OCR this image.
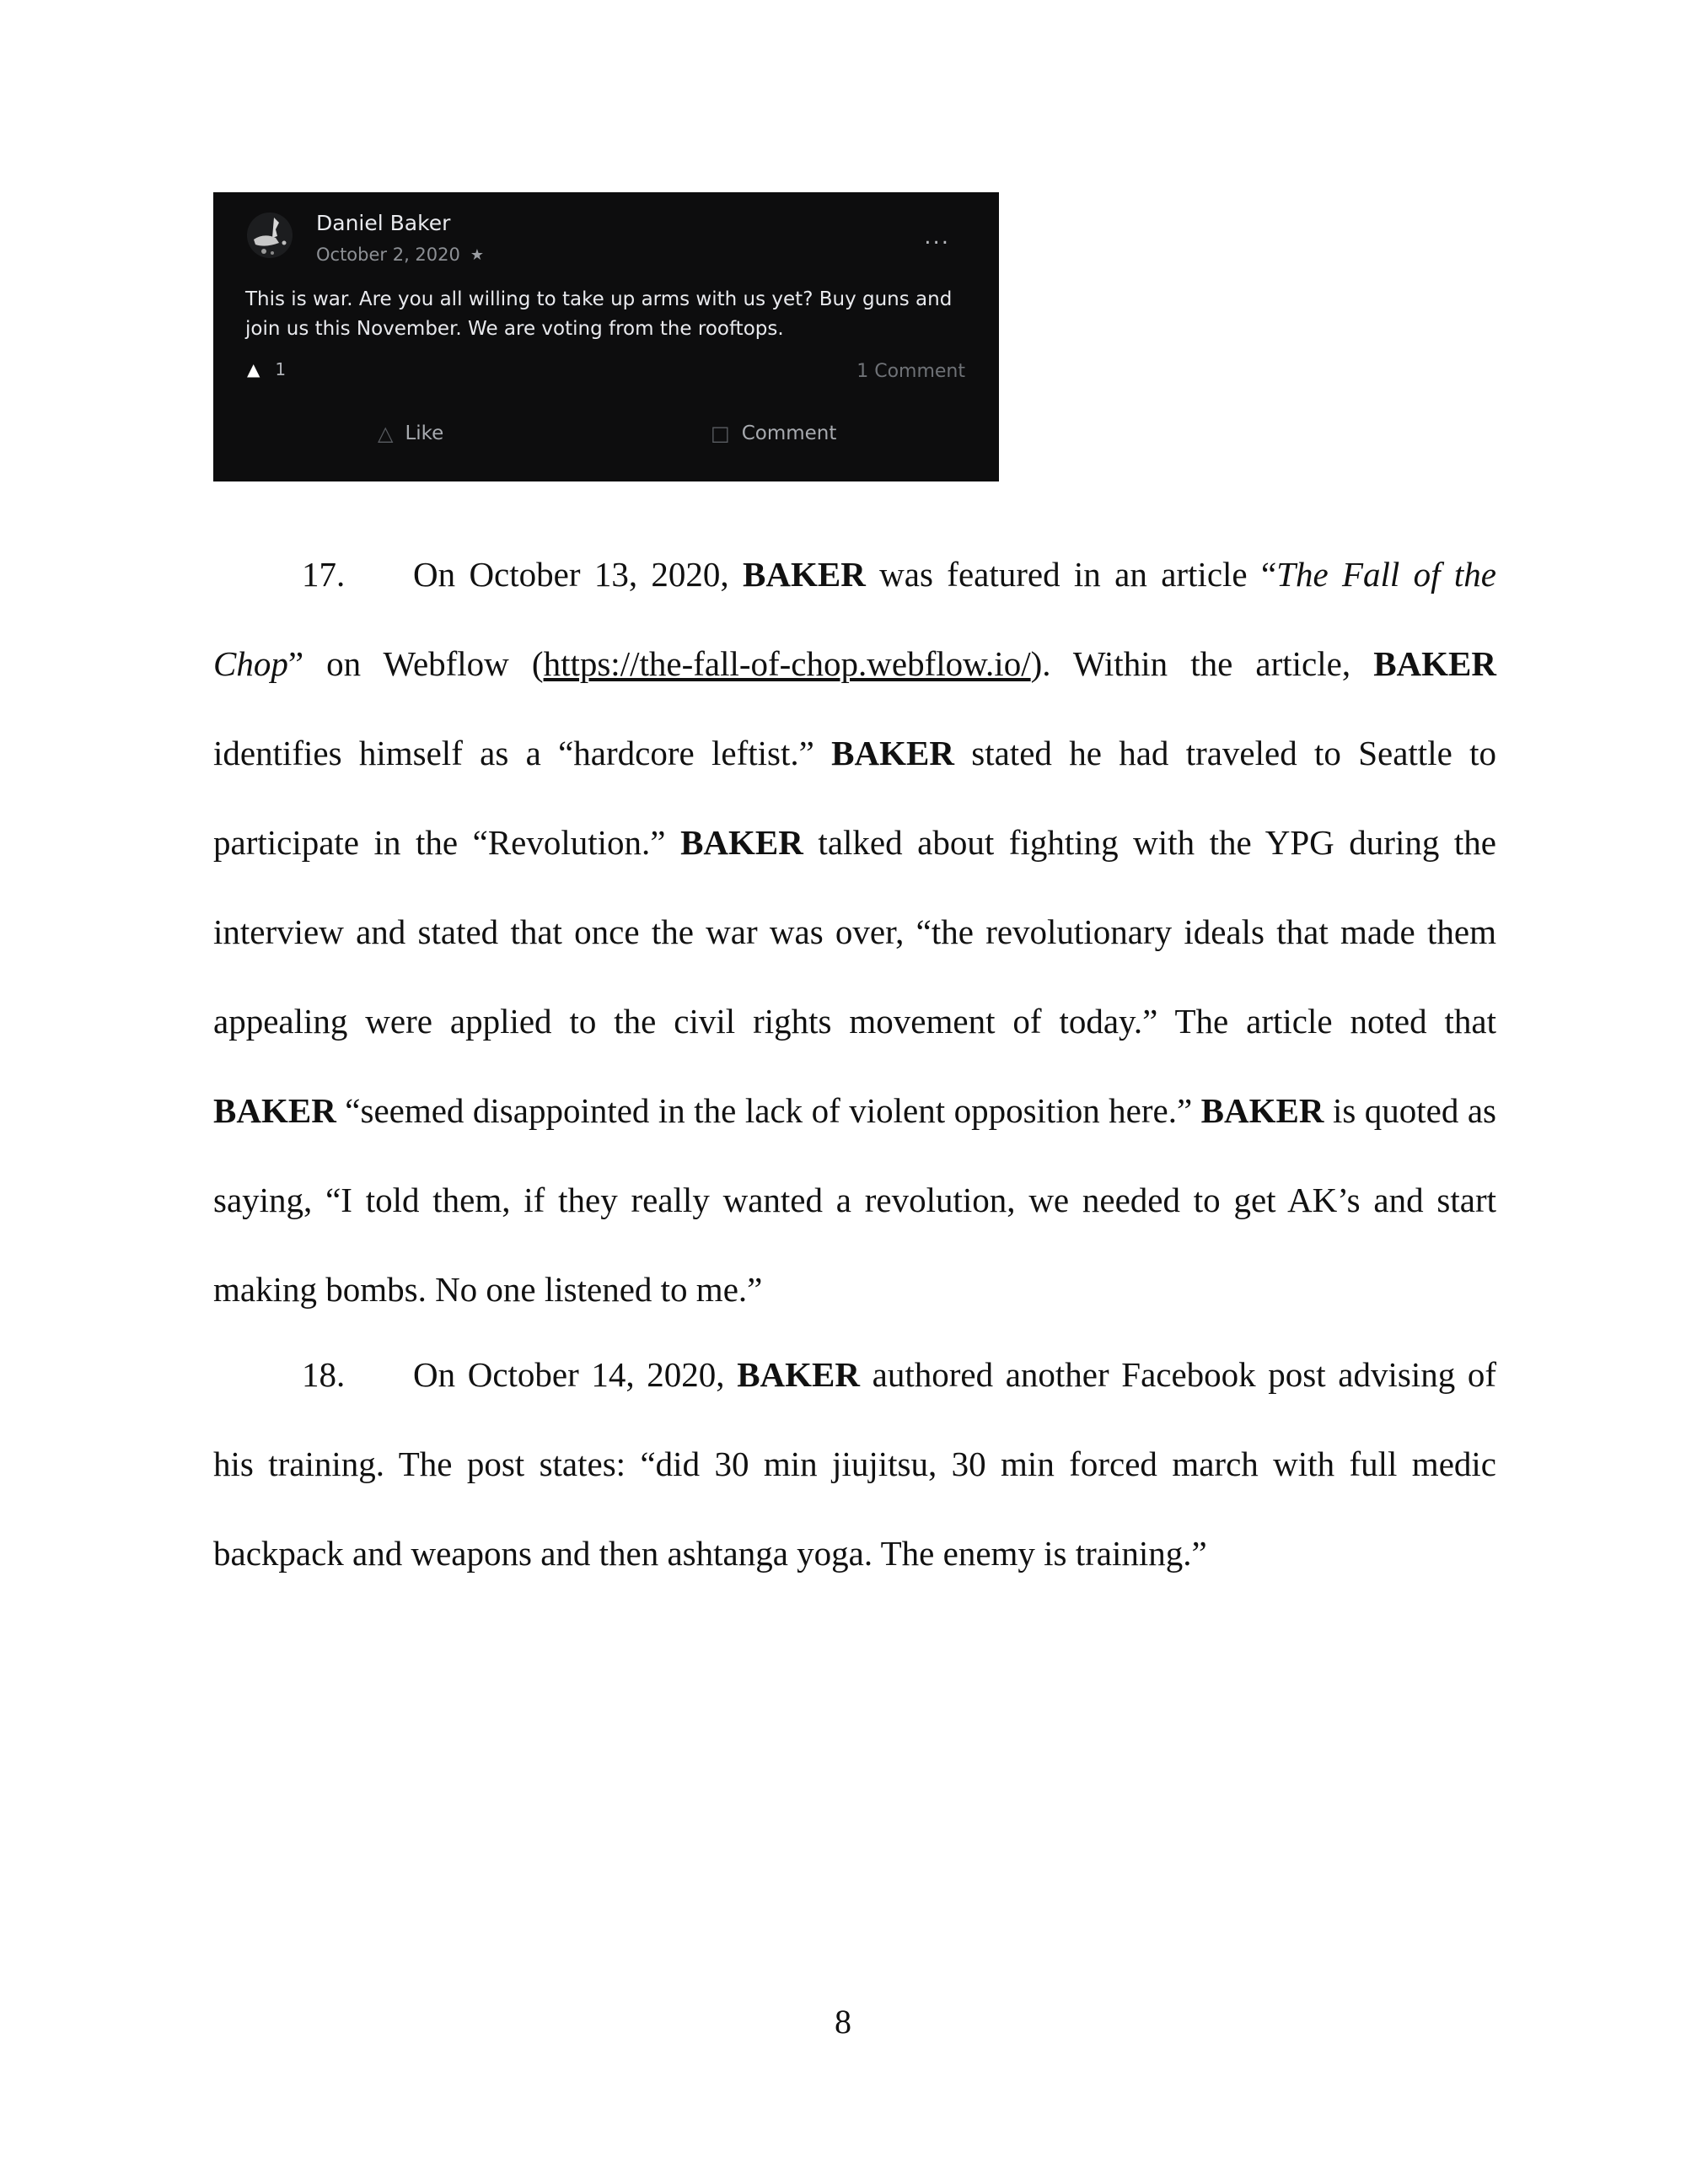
Daniel Baker
October 2, 2020 ★
...
This is war. Are you all willing to take up arms with us yet? Buy guns and join us this November. We are voting from the rooftops.
▲ 1	1 Comment
△ Like	□ Comment
17. On October 13, 2020, BAKER was featured in an article “The Fall of the Chop” on Webflow (https://the-fall-of-chop.webflow.io/). Within the article, BAKER identifies himself as a “hardcore leftist.” BAKER stated he had traveled to Seattle to participate in the “Revolution.” BAKER talked about fighting with the YPG during the interview and stated that once the war was over, “the revolutionary ideals that made them appealing were applied to the civil rights movement of today.” The article noted that BAKER “seemed disappointed in the lack of violent opposition here.” BAKER is quoted as saying, “I told them, if they really wanted a revolution, we needed to get AK’s and start making bombs. No one listened to me.”
18. On October 14, 2020, BAKER authored another Facebook post advising of his training. The post states: “did 30 min jiujitsu, 30 min forced march with full medic backpack and weapons and then ashtanga yoga. The enemy is training.”
8
